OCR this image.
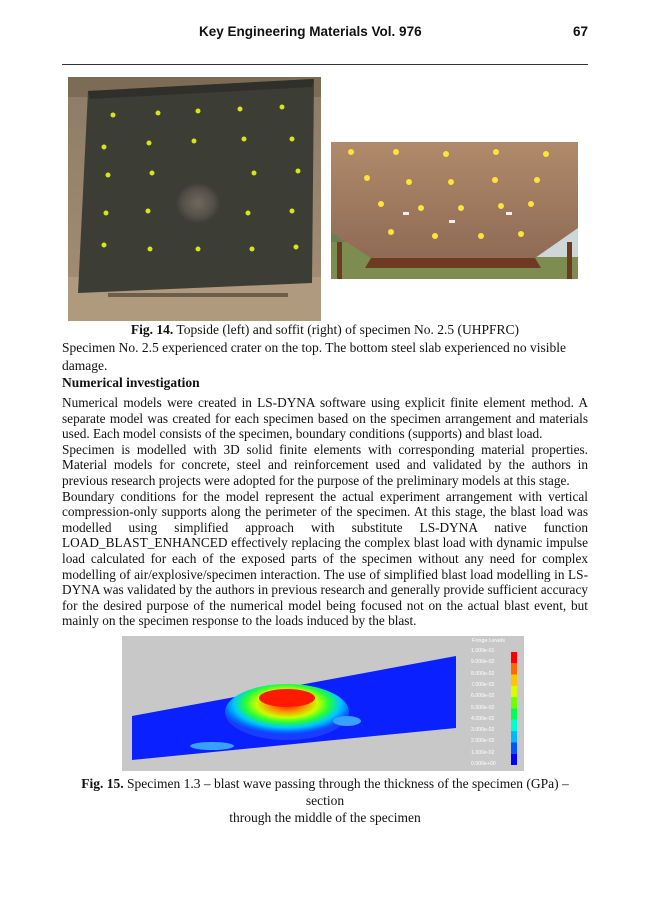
Key Engineering Materials Vol. 976	67
Fig. 14. Topside (left) and soffit (right) of specimen No. 2.5 (UHPFRC)
Specimen No. 2.5 experienced crater on the top. The bottom steel slab experienced no visible damage.
Numerical investigation

Numerical models were created in LS-DYNA software using explicit finite element method. A separate model was created for each specimen based on the specimen arrangement and materials used. Each model consists of the specimen, boundary conditions (supports) and blast load.

Specimen is modelled with 3D solid finite elements with corresponding material properties. Material models for concrete, steel and reinforcement used and validated by the authors in previous research projects were adopted for the purpose of the preliminary models at this stage.

Boundary conditions for the model represent the actual experiment arrangement with vertical compression-only supports along the perimeter of the specimen. At this stage, the blast load was modelled using simplified approach with substitute LS-DYNA native function LOAD_BLAST_ENHANCED effectively replacing the complex blast load with dynamic impulse load calculated for each of the exposed parts of the specimen without any need for complex modelling of air/explosive/specimen interaction. The use of simplified blast load modelling in LS-DYNA was validated by the authors in previous research and generally provide sufficient accuracy for the desired purpose of the numerical model being focused not on the actual blast event, but mainly on the specimen response to the loads induced by the blast.

Fringe Levels
1.000e-01
9.000e-02
8.000e-02
7.000e-02
6.000e-02
5.000e-02
4.000e-02
3.000e-02
2.000e-02
1.000e-02
0.000e+00
Fig. 15. Specimen 1.3 – blast wave passing through the thickness of the specimen (GPa) – section
through the middle of the specimen
